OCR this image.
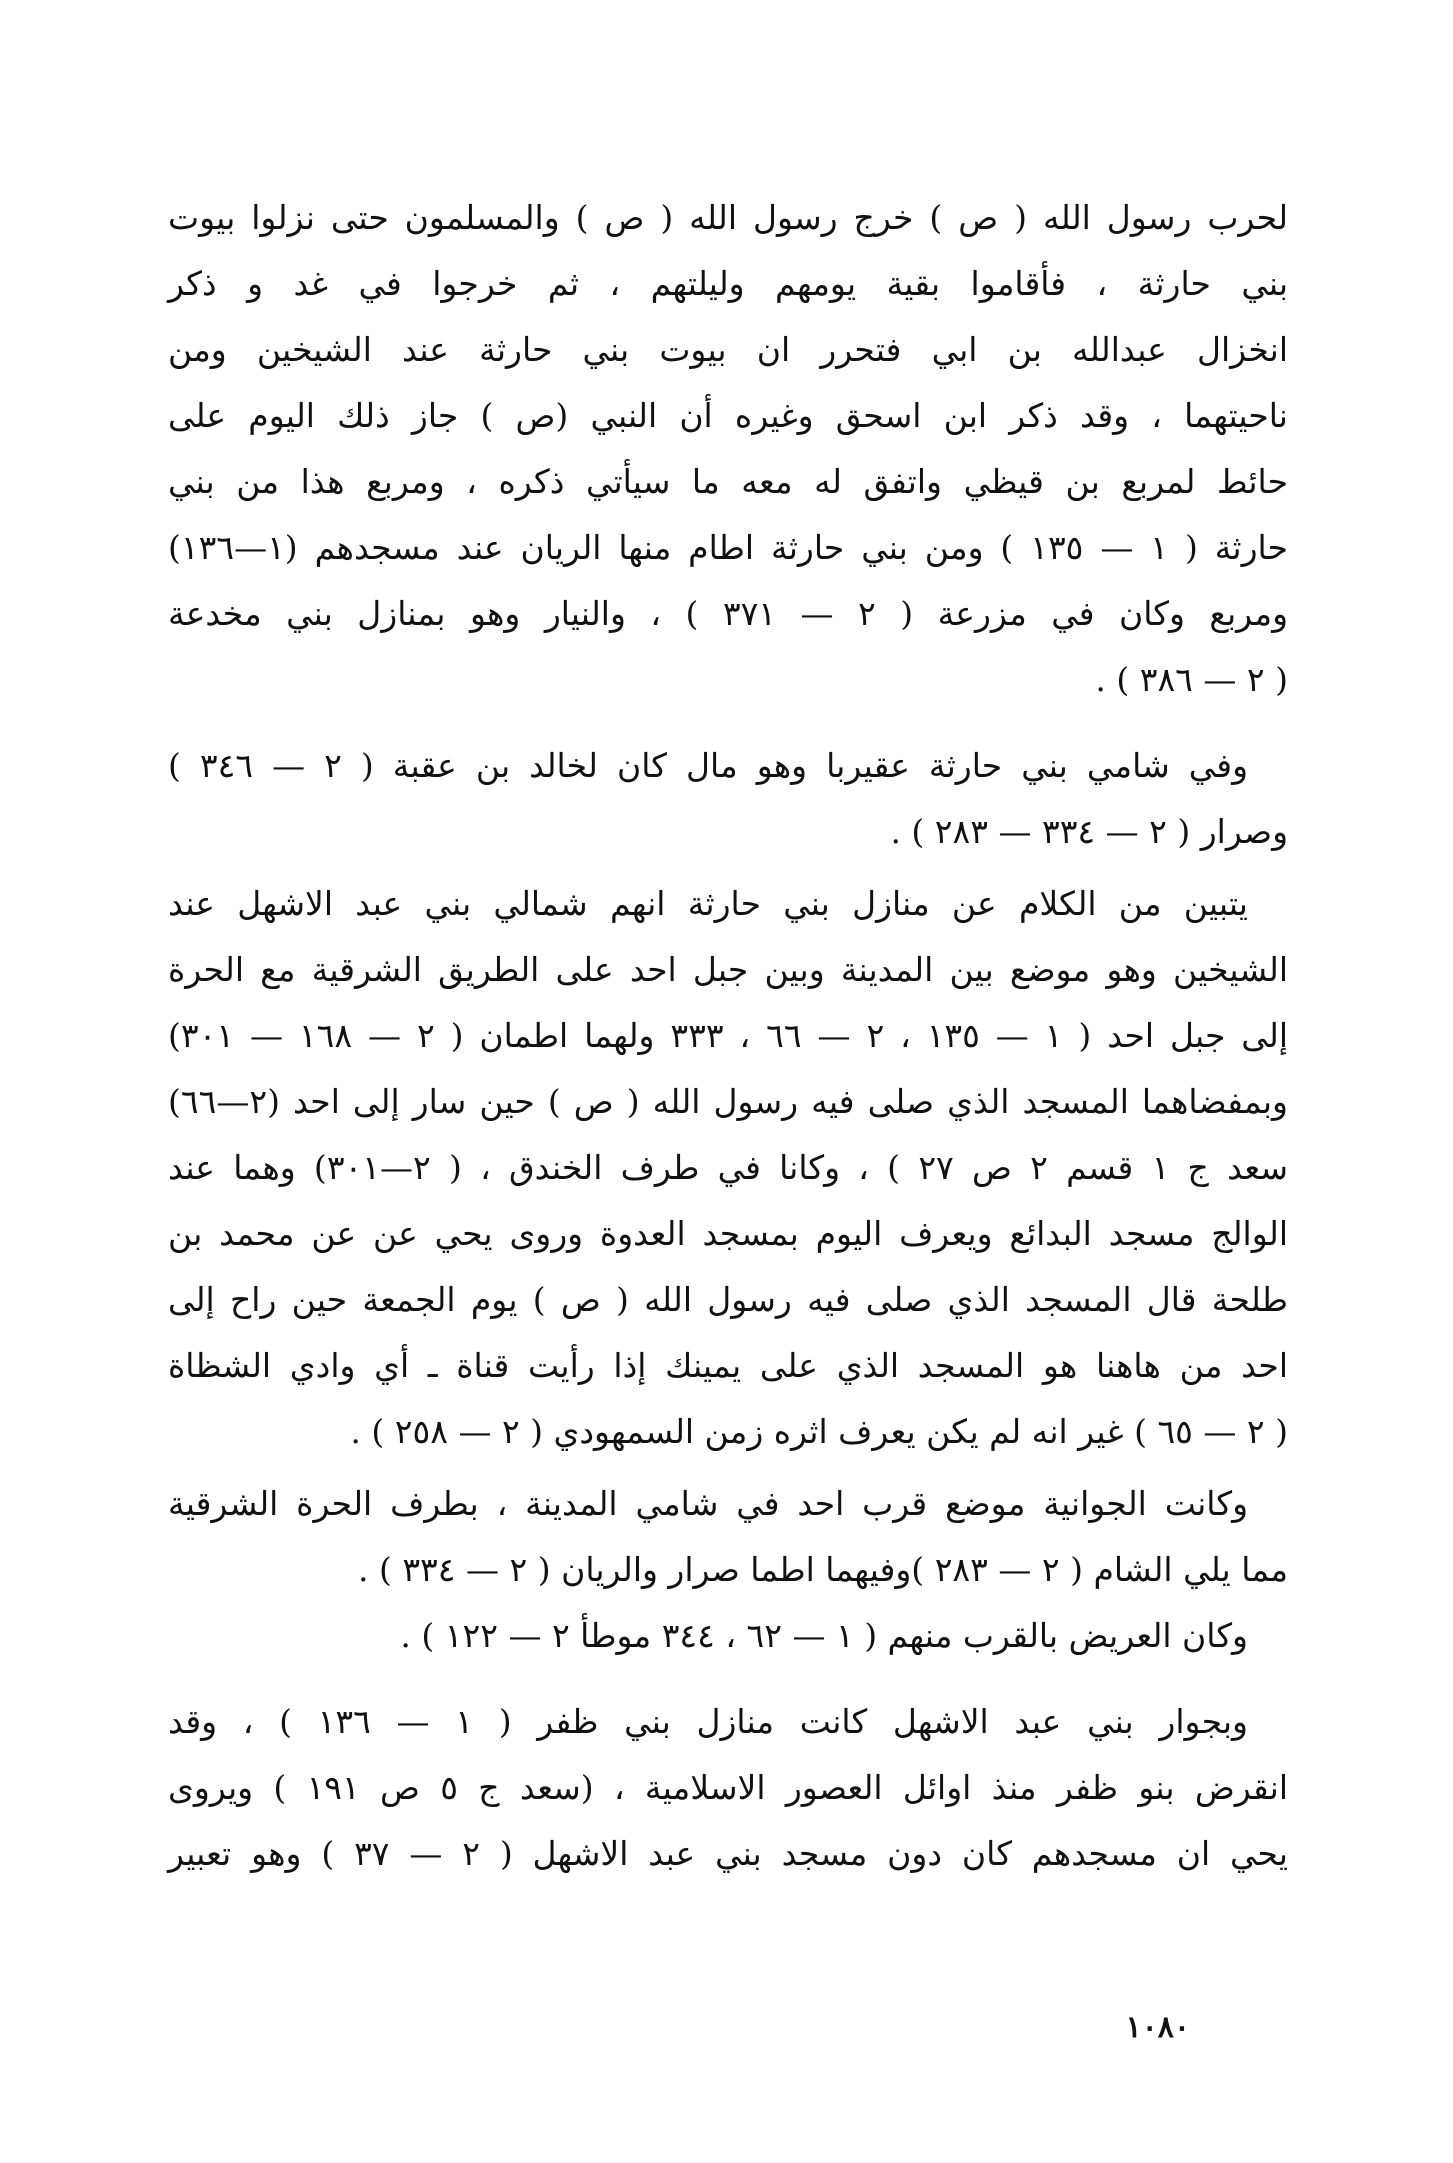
لحرب رسول الله ( ص ) خرج رسول الله ( ص ) والمسلمون حتى نزلوا بيوت
بني حارثة ، فأقاموا بقية يومهم وليلتهم ، ثم خرجوا في غد و ذكر
انخزال عبدالله بن ابي فتحرر ان بيوت بني حارثة عند الشيخين ومن
ناحيتهما ، وقد ذكر ابن اسحق وغيره أن النبي (ص ) جاز ذلك اليوم على
حائط لمربع بن قيظي واتفق له معه ما سيأتي ذكره ، ومربع هذا من بني
حارثة ( ١ — ١٣٥ ) ومن بني حارثة اطام منها الريان عند مسجدهم (١—١٣٦)
ومربع وكان في مزرعة ( ٢ — ٣٧١ ) ، والنيار وهو بمنازل بني مخدعة
( ٢ — ٣٨٦ ) .
وفي شامي بني حارثة عقيربا وهو مال كان لخالد بن عقبة ( ٢ — ٣٤٦ )
وصرار ( ٢ — ٣٣٤ — ٢٨٣ ) .
يتبين من الكلام عن منازل بني حارثة انهم شمالي بني عبد الاشهل عند
الشيخين وهو موضع بين المدينة وبين جبل احد على الطريق الشرقية مع الحرة
إلى جبل احد ( ١ — ١٣٥ ، ٢ — ٦٦ ، ٣٣٣ ولهما اطمان ( ٢ — ١٦٨ — ٣٠١)
وبمفضاهما المسجد الذي صلى فيه رسول الله ( ص ) حين سار إلى احد (٢—٦٦)
سعد ج ١ قسم ٢ ص ٢٧ ) ، وكانا في طرف الخندق ، ( ٢—٣٠١) وهما عند
الوالج مسجد البدائع ويعرف اليوم بمسجد العدوة وروى يحي عن عن محمد بن
طلحة قال المسجد الذي صلى فيه رسول الله ( ص ) يوم الجمعة حين راح إلى
احد من هاهنا هو المسجد الذي على يمينك إذا رأيت قناة ـ أي وادي الشظاة
( ٢ — ٦٥ ) غير انه لم يكن يعرف اثره زمن السمهودي ( ٢ — ٢٥٨ ) .
وكانت الجوانية موضع قرب احد في شامي المدينة ، بطرف الحرة الشرقية
مما يلي الشام ( ٢ — ٢٨٣ )وفيهما اطما صرار والريان ( ٢ — ٣٣٤ ) .
وكان العريض بالقرب منهم ( ١ — ٦٢ ، ٣٤٤ موطأ ٢ — ١٢٢ ) .
وبجوار بني عبد الاشهل كانت منازل بني ظفر ( ١ — ١٣٦ ) ، وقد
انقرض بنو ظفر منذ اوائل العصور الاسلامية ، (سعد ج ٥ ص ١٩١ ) ويروى
يحي ان مسجدهم كان دون مسجد بني عبد الاشهل ( ٢ — ٣٧ ) وهو تعبير
١٠٨٠
